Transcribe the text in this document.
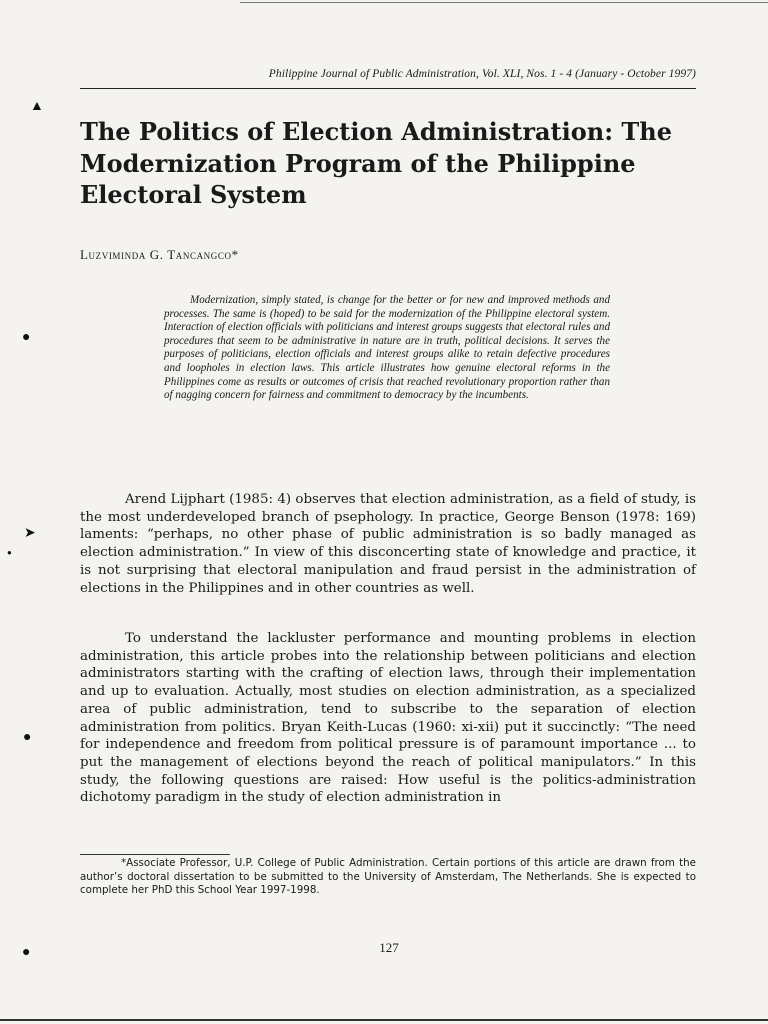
▲
●
➤
●
●
●
Philippine Journal of Public Administration, Vol. XLI, Nos. 1 - 4 (January - October 1997)
The Politics of Election Administration: The Modernization Program of the Philippine Electoral System
Luzviminda G. Tancangco*

Modernization, simply stated, is change for the better or for new and improved methods and processes. The same is (hoped) to be said for the modernization of the Philippine electoral system. Interaction of election officials with politicians and interest groups suggests that electoral rules and procedures that seem to be administrative in nature are in truth, political decisions. It serves the purposes of politicians, election officials and interest groups alike to retain defective procedures and loopholes in election laws. This article illustrates how genuine electoral reforms in the Philippines come as results or outcomes of crisis that reached revolutionary proportion rather than of nagging concern for fairness and commitment to democracy by the incumbents.

Arend Lijphart (1985: 4) observes that election administration, as a field of study, is the most underdeveloped branch of psephology. In practice, George Benson (1978: 169) laments: “perhaps, no other phase of public administration is so badly managed as election administration.” In view of this disconcerting state of knowledge and practice, it is not surprising that electoral manipulation and fraud persist in the administration of elections in the Philippines and in other countries as well.

To understand the lackluster performance and mounting problems in election administration, this article probes into the relationship between politicians and election administrators starting with the crafting of election laws, through their implementation and up to evaluation. Actually, most studies on election administration, as a specialized area of public administration, tend to subscribe to the separation of election administration from politics. Bryan Keith-Lucas (1960: xi-xii) put it succinctly: “The need for independence and freedom from political pressure is of paramount importance ... to put the management of elections beyond the reach of political manipulators.” In this study, the following questions are raised: How useful is the politics-administration dichotomy paradigm in the study of election administration in

*Associate Professor, U.P. College of Public Administration. Certain portions of this article are drawn from the author’s doctoral dissertation to be submitted to the University of Amsterdam, The Netherlands. She is expected to complete her PhD this School Year 1997-1998.

127
